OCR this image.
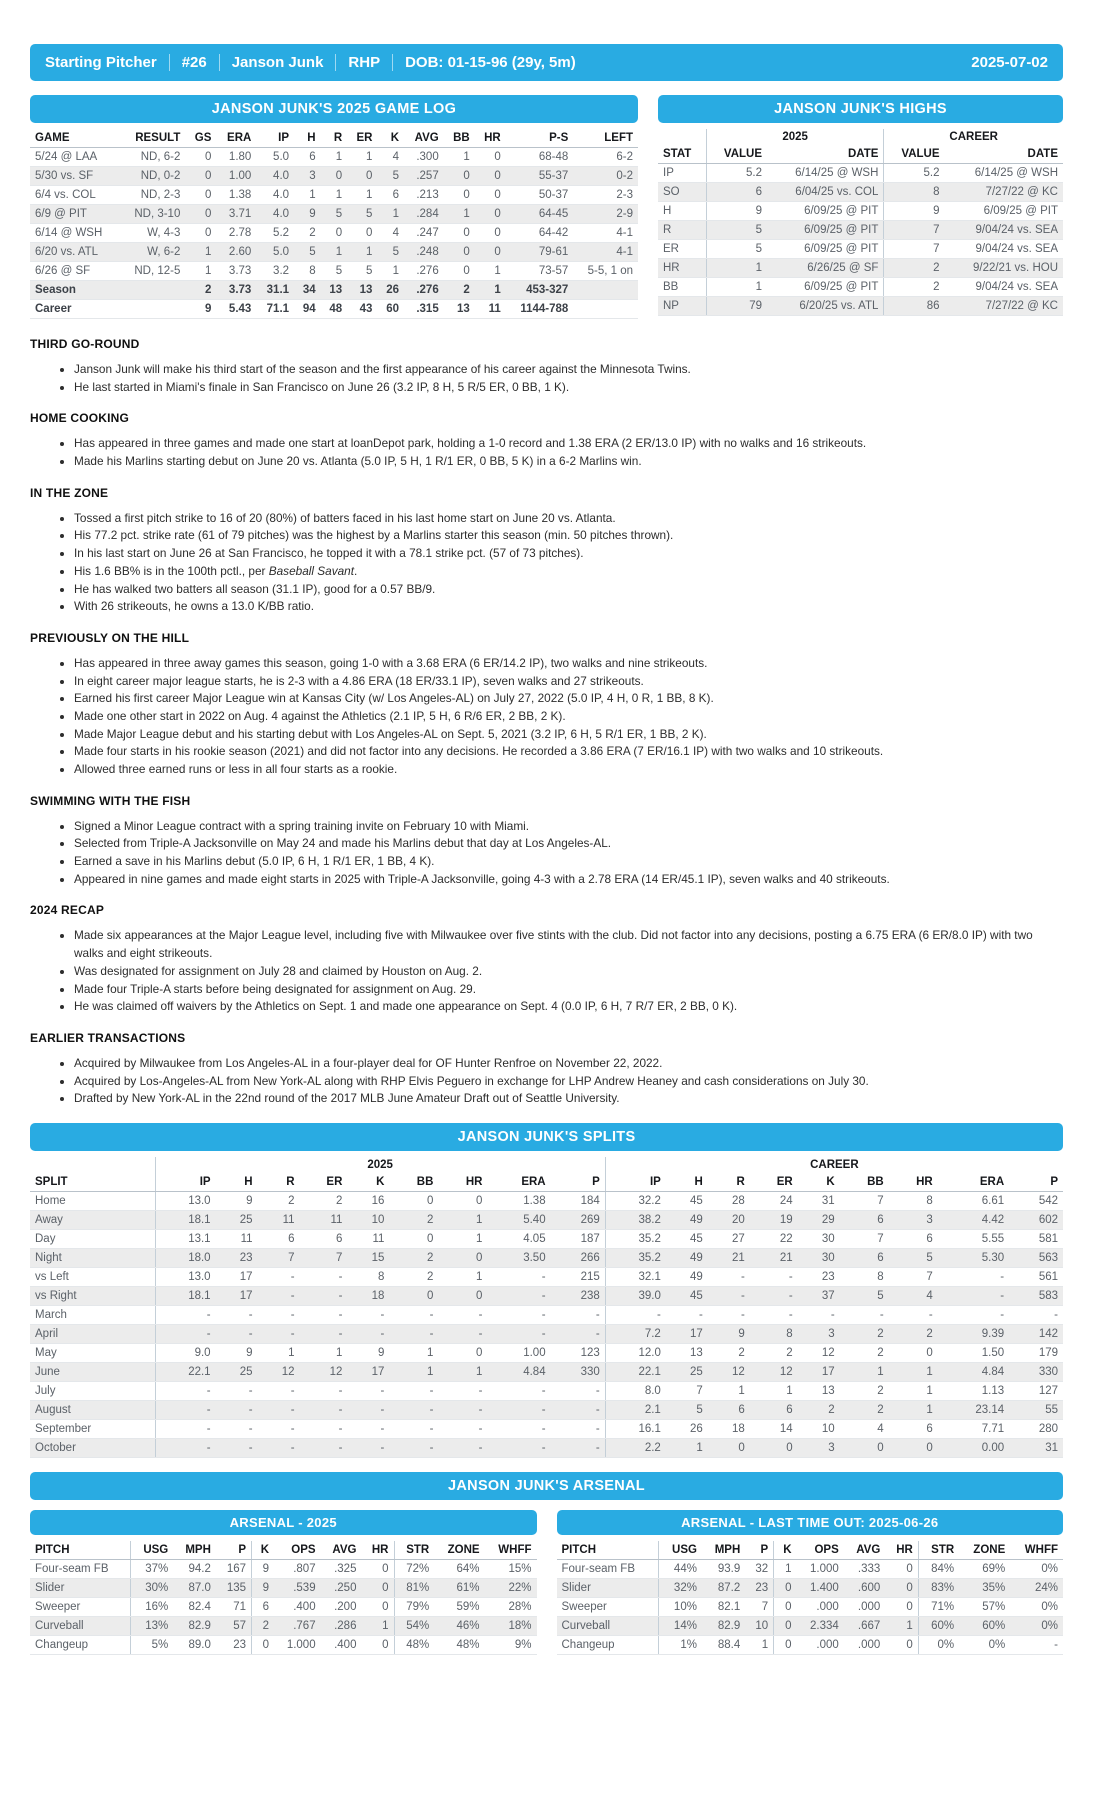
Starting Pitcher #26 Janson Junk RHP DOB: 01-15-96 (29y, 5m)	2025-07-02
JANSON JUNK'S 2025 GAME LOG
GAME	RESULT	GS	ERA	IP	H	R	ER	K	AVG	BB	HR	P-S	LEFT
5/24 @ LAA	ND, 6-2	0	1.80	5.0	6	1	1	4	.300	1	0	68-48	6-2
5/30 vs. SF	ND, 0-2	0	1.00	4.0	3	0	0	5	.257	0	0	55-37	0-2
6/4 vs. COL	ND, 2-3	0	1.38	4.0	1	1	1	6	.213	0	0	50-37	2-3
6/9 @ PIT	ND, 3-10	0	3.71	4.0	9	5	5	1	.284	1	0	64-45	2-9
6/14 @ WSH	W, 4-3	0	2.78	5.2	2	0	0	4	.247	0	0	64-42	4-1
6/20 vs. ATL	W, 6-2	1	2.60	5.0	5	1	1	5	.248	0	0	79-61	4-1
6/26 @ SF	ND, 12-5	1	3.73	3.2	8	5	5	1	.276	0	1	73-57	5-5, 1 on
Season		2	3.73	31.1	34	13	13	26	.276	2	1	453-327	
Career		9	5.43	71.1	94	48	43	60	.315	13	11	1144-788	
JANSON JUNK'S HIGHS
	2025		CAREER	
STAT	VALUE	DATE	VALUE	DATE
IP	5.2	6/14/25 @ WSH	5.2	6/14/25 @ WSH
SO	6	6/04/25 vs. COL	8	7/27/22 @ KC
H	9	6/09/25 @ PIT	9	6/09/25 @ PIT
R	5	6/09/25 @ PIT	7	9/04/24 vs. SEA
ER	5	6/09/25 @ PIT	7	9/04/24 vs. SEA
HR	1	6/26/25 @ SF	2	9/22/21 vs. HOU
BB	1	6/09/25 @ PIT	2	9/04/24 vs. SEA
NP	79	6/20/25 vs. ATL	86	7/27/22 @ KC
THIRD GO-ROUND
• Janson Junk will make his third start of the season and the first appearance of his career against the Minnesota Twins.
• He last started in Miami's finale in San Francisco on June 26 (3.2 IP, 8 H, 5 R/5 ER, 0 BB, 1 K).
HOME COOKING
• Has appeared in three games and made one start at loanDepot park, holding a 1-0 record and 1.38 ERA (2 ER/13.0 IP) with no walks and 16 strikeouts.
• Made his Marlins starting debut on June 20 vs. Atlanta (5.0 IP, 5 H, 1 R/1 ER, 0 BB, 5 K) in a 6-2 Marlins win.
IN THE ZONE
• Tossed a first pitch strike to 16 of 20 (80%) of batters faced in his last home start on June 20 vs. Atlanta.
• His 77.2 pct. strike rate (61 of 79 pitches) was the highest by a Marlins starter this season (min. 50 pitches thrown).
• In his last start on June 26 at San Francisco, he topped it with a 78.1 strike pct. (57 of 73 pitches).
• His 1.6 BB% is in the 100th pctl., per Baseball Savant.
• He has walked two batters all season (31.1 IP), good for a 0.57 BB/9.
• With 26 strikeouts, he owns a 13.0 K/BB ratio.
PREVIOUSLY ON THE HILL
• Has appeared in three away games this season, going 1-0 with a 3.68 ERA (6 ER/14.2 IP), two walks and nine strikeouts.
• In eight career major league starts, he is 2-3 with a 4.86 ERA (18 ER/33.1 IP), seven walks and 27 strikeouts.
• Earned his first career Major League win at Kansas City (w/ Los Angeles-AL) on July 27, 2022 (5.0 IP, 4 H, 0 R, 1 BB, 8 K).
• Made one other start in 2022 on Aug. 4 against the Athletics (2.1 IP, 5 H, 6 R/6 ER, 2 BB, 2 K).
• Made Major League debut and his starting debut with Los Angeles-AL on Sept. 5, 2021 (3.2 IP, 6 H, 5 R/1 ER, 1 BB, 2 K).
• Made four starts in his rookie season (2021) and did not factor into any decisions. He recorded a 3.86 ERA (7 ER/16.1 IP) with two walks and 10 strikeouts.
• Allowed three earned runs or less in all four starts as a rookie.
SWIMMING WITH THE FISH
• Signed a Minor League contract with a spring training invite on February 10 with Miami.
• Selected from Triple-A Jacksonville on May 24 and made his Marlins debut that day at Los Angeles-AL.
• Earned a save in his Marlins debut (5.0 IP, 6 H, 1 R/1 ER, 1 BB, 4 K).
• Appeared in nine games and made eight starts in 2025 with Triple-A Jacksonville, going 4-3 with a 2.78 ERA (14 ER/45.1 IP), seven walks and 40 strikeouts.
2024 RECAP
• Made six appearances at the Major League level, including five with Milwaukee over five stints with the club. Did not factor into any decisions, posting a 6.75 ERA (6 ER/8.0 IP) with two walks and eight strikeouts.
• Was designated for assignment on July 28 and claimed by Houston on Aug. 2.
• Made four Triple-A starts before being designated for assignment on Aug. 29.
• He was claimed off waivers by the Athletics on Sept. 1 and made one appearance on Sept. 4 (0.0 IP, 6 H, 7 R/7 ER, 2 BB, 0 K).
EARLIER TRANSACTIONS
• Acquired by Milwaukee from Los Angeles-AL in a four-player deal for OF Hunter Renfroe on November 22, 2022.
• Acquired by Los-Angeles-AL from New York-AL along with RHP Elvis Peguero in exchange for LHP Andrew Heaney and cash considerations on July 30.
• Drafted by New York-AL in the 22nd round of the 2017 MLB June Amateur Draft out of Seattle University.
JANSON JUNK'S SPLITS
	2025									CAREER								
SPLIT	IP	H	R	ER	K	BB	HR	ERA	P	IP	H	R	ER	K	BB	HR	ERA	P
Home	13.0	9	2	2	16	0	0	1.38	184	32.2	45	28	24	31	7	8	6.61	542
Away	18.1	25	11	11	10	2	1	5.40	269	38.2	49	20	19	29	6	3	4.42	602
Day	13.1	11	6	6	11	0	1	4.05	187	35.2	45	27	22	30	7	6	5.55	581
Night	18.0	23	7	7	15	2	0	3.50	266	35.2	49	21	21	30	6	5	5.30	563
vs Left	13.0	17	-	-	8	2	1	-	215	32.1	49	-	-	23	8	7	-	561
vs Right	18.1	17	-	-	18	0	0	-	238	39.0	45	-	-	37	5	4	-	583
March	-	-	-	-	-	-	-	-	-	-	-	-	-	-	-	-	-	-
April	-	-	-	-	-	-	-	-	-	7.2	17	9	8	3	2	2	9.39	142
May	9.0	9	1	1	9	1	0	1.00	123	12.0	13	2	2	12	2	0	1.50	179
June	22.1	25	12	12	17	1	1	4.84	330	22.1	25	12	12	17	1	1	4.84	330
July	-	-	-	-	-	-	-	-	-	8.0	7	1	1	13	2	1	1.13	127
August	-	-	-	-	-	-	-	-	-	2.1	5	6	6	2	2	1	23.14	55
September	-	-	-	-	-	-	-	-	-	16.1	26	18	14	10	4	6	7.71	280
October	-	-	-	-	-	-	-	-	-	2.2	1	0	0	3	0	0	0.00	31
JANSON JUNK'S ARSENAL
ARSENAL - 2025
PITCH	USG	MPH	P	K	OPS	AVG	HR	STR	ZONE	WHFF
Four-seam FB	37%	94.2	167	9	.807	.325	0	72%	64%	15%
Slider	30%	87.0	135	9	.539	.250	0	81%	61%	22%
Sweeper	16%	82.4	71	6	.400	.200	0	79%	59%	28%
Curveball	13%	82.9	57	2	.767	.286	1	54%	46%	18%
Changeup	5%	89.0	23	0	1.000	.400	0	48%	48%	9%
ARSENAL - LAST TIME OUT: 2025-06-26
PITCH	USG	MPH	P	K	OPS	AVG	HR	STR	ZONE	WHFF
Four-seam FB	44%	93.9	32	1	1.000	.333	0	84%	69%	0%
Slider	32%	87.2	23	0	1.400	.600	0	83%	35%	24%
Sweeper	10%	82.1	7	0	.000	.000	0	71%	57%	0%
Curveball	14%	82.9	10	0	2.334	.667	1	60%	60%	0%
Changeup	1%	88.4	1	0	.000	.000	0	0%	0%	-
